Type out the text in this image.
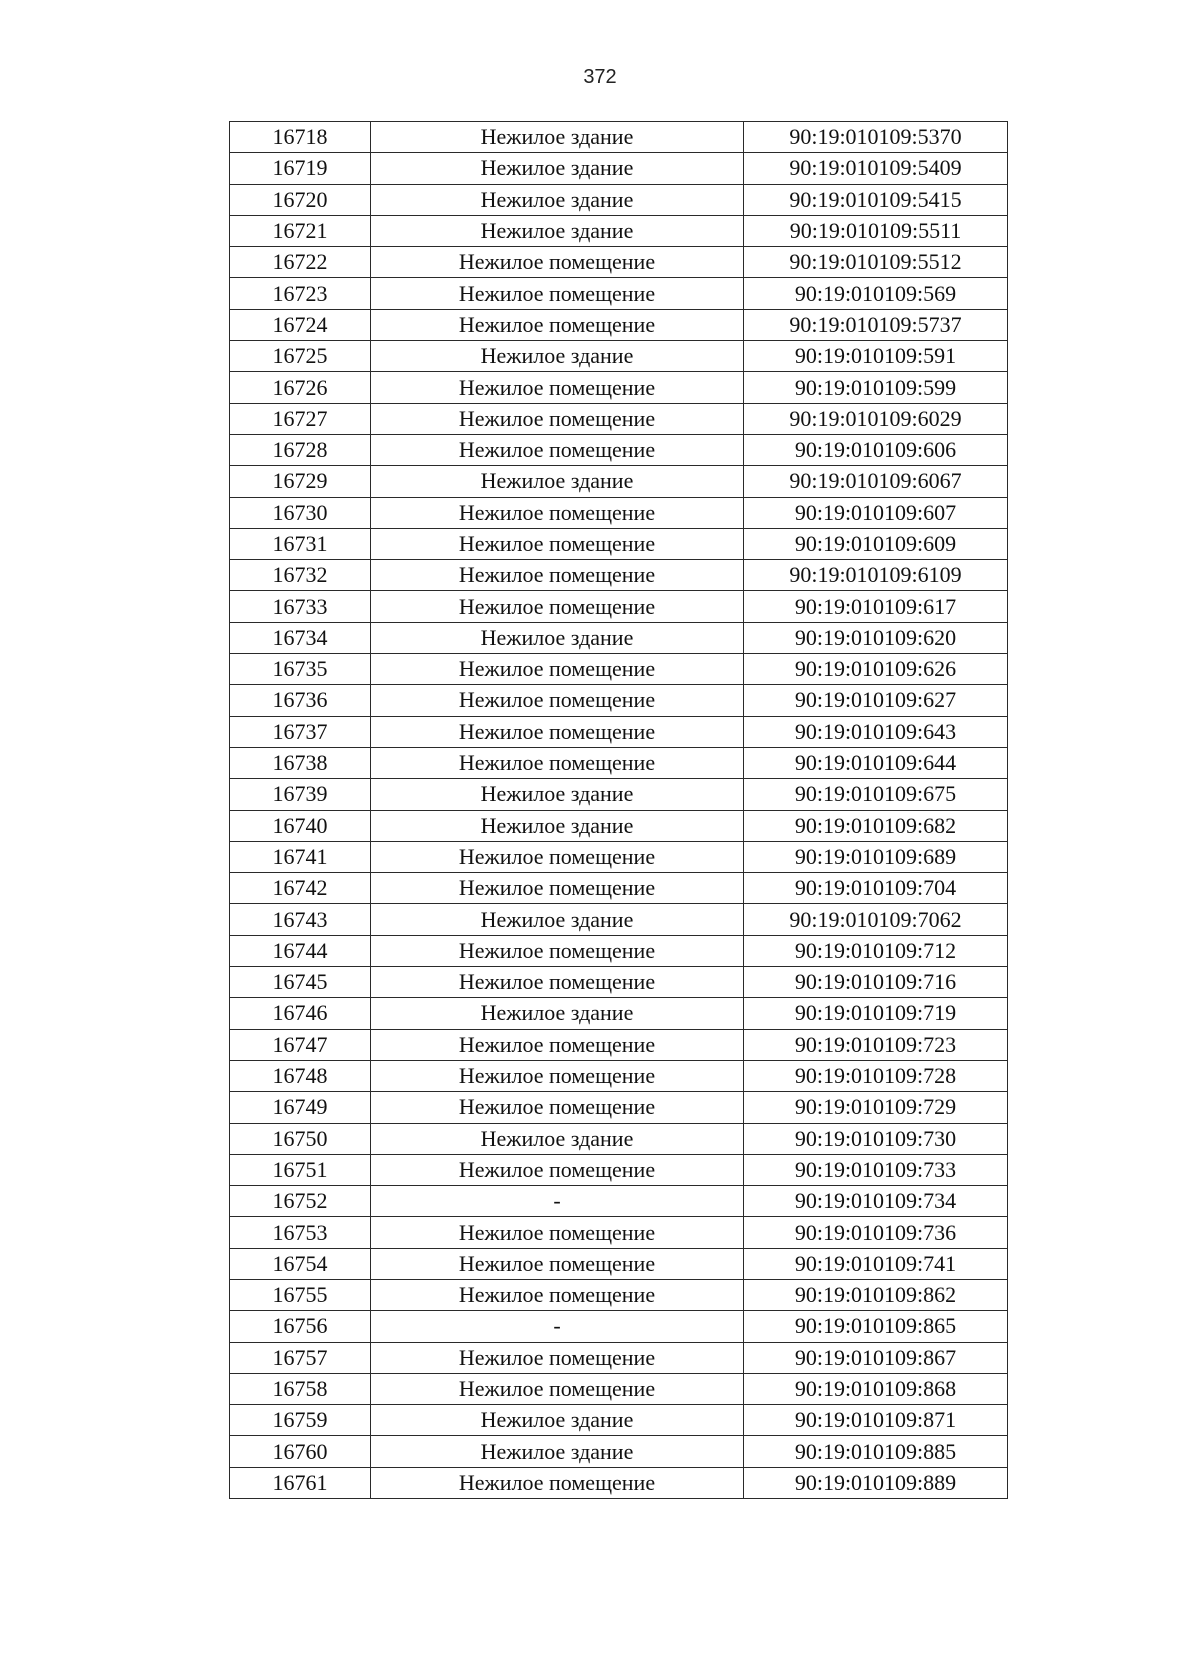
372
16718	Нежилое здание	90:19:010109:5370
16719	Нежилое здание	90:19:010109:5409
16720	Нежилое здание	90:19:010109:5415
16721	Нежилое здание	90:19:010109:5511
16722	Нежилое помещение	90:19:010109:5512
16723	Нежилое помещение	90:19:010109:569
16724	Нежилое помещение	90:19:010109:5737
16725	Нежилое здание	90:19:010109:591
16726	Нежилое помещение	90:19:010109:599
16727	Нежилое помещение	90:19:010109:6029
16728	Нежилое помещение	90:19:010109:606
16729	Нежилое здание	90:19:010109:6067
16730	Нежилое помещение	90:19:010109:607
16731	Нежилое помещение	90:19:010109:609
16732	Нежилое помещение	90:19:010109:6109
16733	Нежилое помещение	90:19:010109:617
16734	Нежилое здание	90:19:010109:620
16735	Нежилое помещение	90:19:010109:626
16736	Нежилое помещение	90:19:010109:627
16737	Нежилое помещение	90:19:010109:643
16738	Нежилое помещение	90:19:010109:644
16739	Нежилое здание	90:19:010109:675
16740	Нежилое здание	90:19:010109:682
16741	Нежилое помещение	90:19:010109:689
16742	Нежилое помещение	90:19:010109:704
16743	Нежилое здание	90:19:010109:7062
16744	Нежилое помещение	90:19:010109:712
16745	Нежилое помещение	90:19:010109:716
16746	Нежилое здание	90:19:010109:719
16747	Нежилое помещение	90:19:010109:723
16748	Нежилое помещение	90:19:010109:728
16749	Нежилое помещение	90:19:010109:729
16750	Нежилое здание	90:19:010109:730
16751	Нежилое помещение	90:19:010109:733
16752	-	90:19:010109:734
16753	Нежилое помещение	90:19:010109:736
16754	Нежилое помещение	90:19:010109:741
16755	Нежилое помещение	90:19:010109:862
16756	-	90:19:010109:865
16757	Нежилое помещение	90:19:010109:867
16758	Нежилое помещение	90:19:010109:868
16759	Нежилое здание	90:19:010109:871
16760	Нежилое здание	90:19:010109:885
16761	Нежилое помещение	90:19:010109:889
